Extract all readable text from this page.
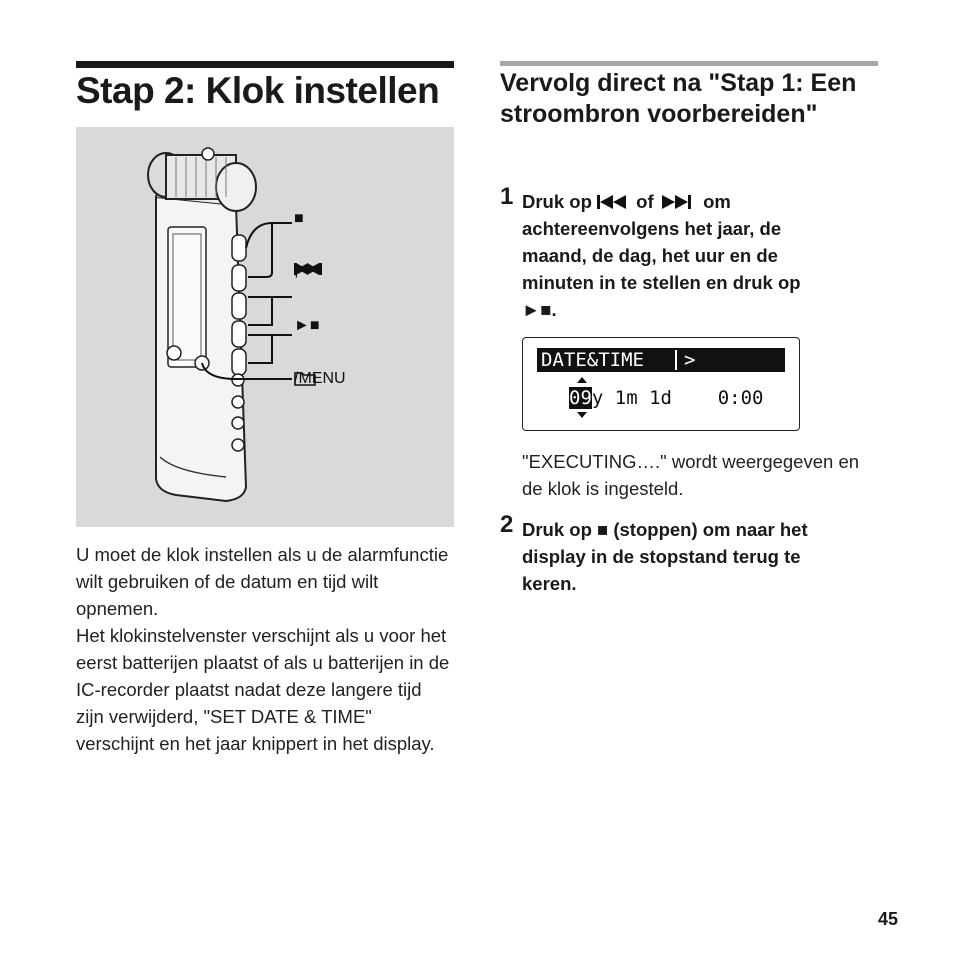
Stap 2: Klok instellen
■
►■
/MENU

U moet de klok instellen als u de alarmfunctie wilt gebruiken of de datum en tijd wilt opnemen.

Het klokinstelvenster verschijnt als u voor het eerst batterijen plaatst of als u batterijen in de IC-recorder plaatst nadat deze langere tijd zijn verwijderd, "SET DATE & TIME" verschijnt en het jaar knippert in het display.

Vervolg direct na "Stap 1: Een stroombron voorbereiden"
1 Druk op of	om
achtereenvolgens het jaar, de
maand, de dag, het uur en de
minuten in te stellen en druk op
►■.
DATE&TIME >
09y 1m 1d    0:00
"EXECUTING…." wordt weergegeven en de klok is ingesteld.
2 Druk op ■ (stoppen) om naar het
display in de stopstand terug te
keren.
45
